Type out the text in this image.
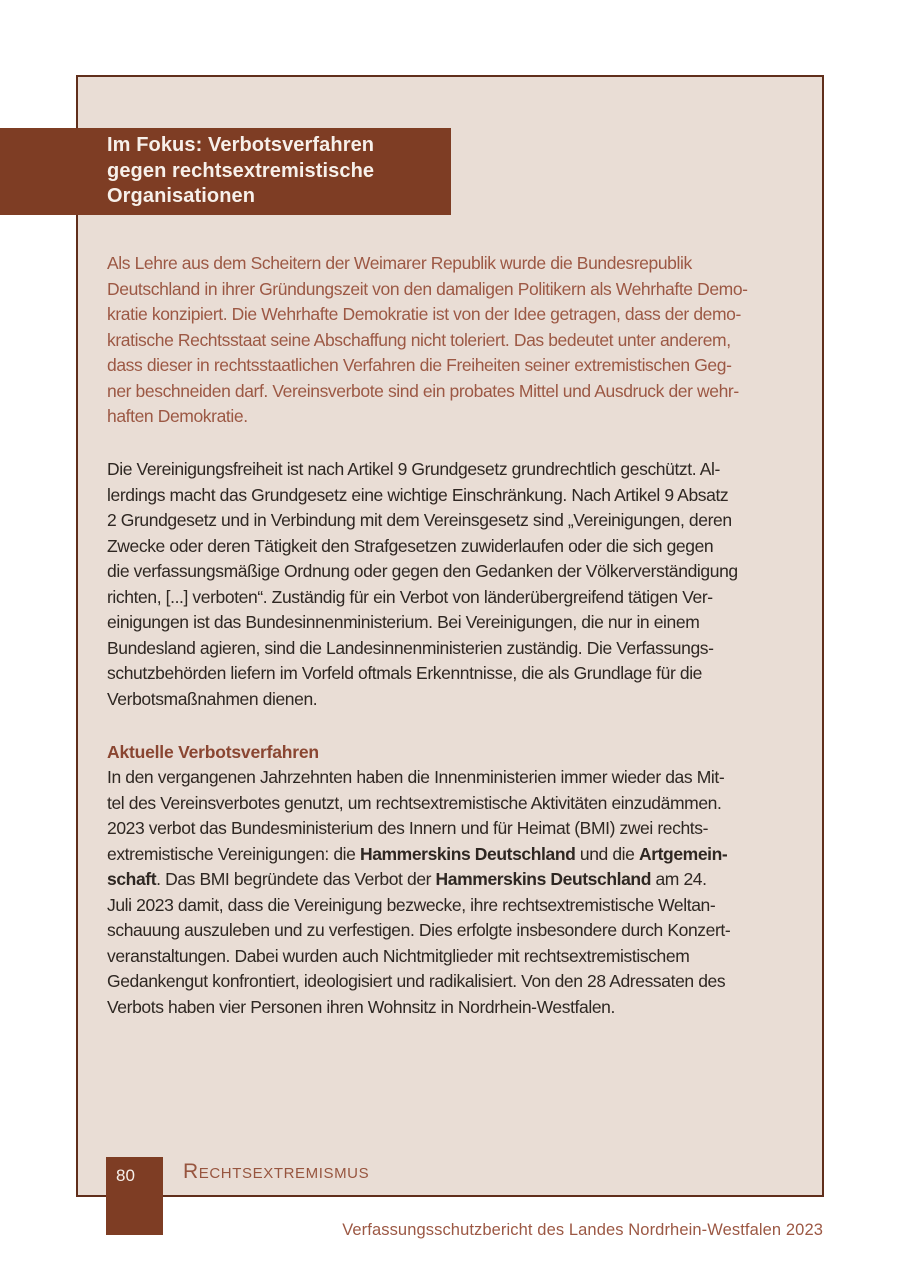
Im Fokus: Verbotsverfahren
gegen rechtsextremistische
Organisationen
Als Lehre aus dem Scheitern der Weimarer Republik wurde die Bundesrepublik
Deutschland in ihrer Gründungszeit von den damaligen Politikern als Wehrhafte Demo-
kratie konzipiert. Die Wehrhafte Demokratie ist von der Idee getragen, dass der demo-
kratische Rechtsstaat seine Abschaffung nicht toleriert. Das bedeutet unter anderem,
dass dieser in rechtsstaatlichen Verfahren die Freiheiten seiner extremistischen Geg-
ner beschneiden darf. Vereinsverbote sind ein probates Mittel und Ausdruck der wehr-
haften Demokratie.
Die Vereinigungsfreiheit ist nach Artikel 9 Grundgesetz grundrechtlich geschützt. Al-
lerdings macht das Grundgesetz eine wichtige Einschränkung. Nach Artikel 9 Absatz
2 Grundgesetz und in Verbindung mit dem Vereinsgesetz sind „Vereinigungen, deren
Zwecke oder deren Tätigkeit den Strafgesetzen zuwiderlaufen oder die sich gegen
die verfassungsmäßige Ordnung oder gegen den Gedanken der Völkerverständigung
richten, [...] verboten“. Zuständig für ein Verbot von länderübergreifend tätigen Ver-
einigungen ist das Bundesinnenministerium. Bei Vereinigungen, die nur in einem
Bundesland agieren, sind die Landesinnenministerien zuständig. Die Verfassungs-
schutzbehörden liefern im Vorfeld oftmals Erkenntnisse, die als Grundlage für die
Verbotsmaßnahmen dienen.
Aktuelle Verbotsverfahren
In den vergangenen Jahrzehnten haben die Innenministerien immer wieder das Mit-
tel des Vereinsverbotes genutzt, um rechtsextremistische Aktivitäten einzudämmen.
2023 verbot das Bundesministerium des Innern und für Heimat (BMI) zwei rechts-
extremistische Vereinigungen: die Hammerskins Deutschland und die Artgemein-
schaft. Das BMI begründete das Verbot der Hammerskins Deutschland am 24.
Juli 2023 damit, dass die Vereinigung bezwecke, ihre rechtsextremistische Weltan-
schauung auszuleben und zu verfestigen. Dies erfolgte insbesondere durch Konzert-
veranstaltungen. Dabei wurden auch Nichtmitglieder mit rechtsextremistischem
Gedankengut konfrontiert, ideologisiert und radikalisiert. Von den 28 Adressaten des
Verbots haben vier Personen ihren Wohnsitz in Nordrhein-Westfalen.
80	Rechtsextremismus
Verfassungsschutzbericht des Landes Nordrhein-Westfalen 2023
